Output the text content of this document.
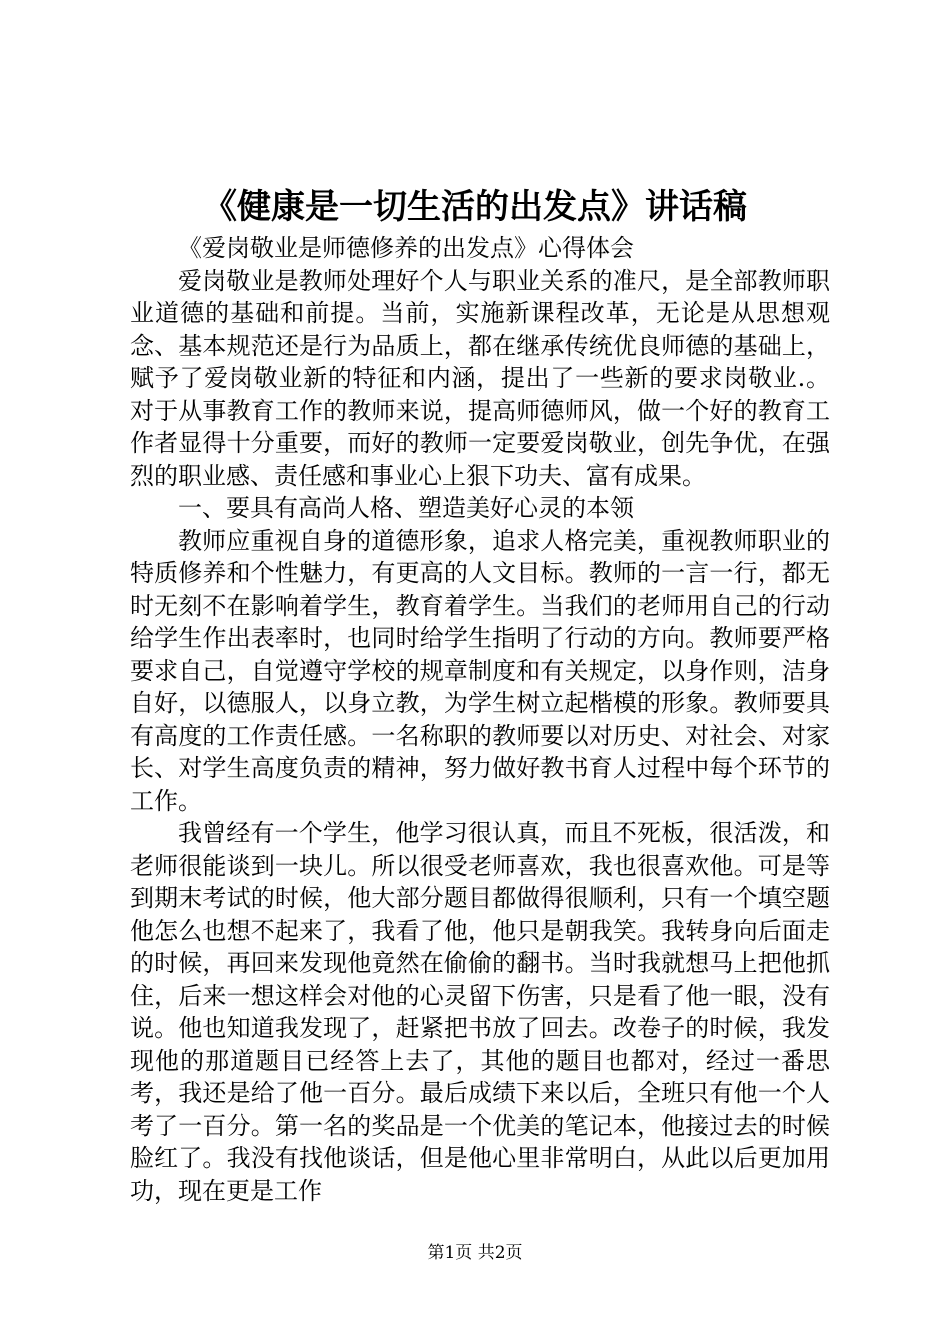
《健康是一切生活的出发点》讲话稿

《爱岗敬业是师德修养的出发点》心得体会

爱岗敬业是教师处理好个人与职业关系的准尺，是全部教师职业道德的基础和前提。当前，实施新课程改革，无论是从思想观念、基本规范还是行为品质上，都在继承传统优良师德的基础上，赋予了爱岗敬业新的特征和内涵，提出了一些新的要求岗敬业.。对于从事教育工作的教师来说，提高师德师风，做一个好的教育工作者显得十分重要，而好的教师一定要爱岗敬业，创先争优，在强烈的职业感、责任感和事业心上狠下功夫、富有成果。

一、要具有高尚人格、塑造美好心灵的本领

教师应重视自身的道德形象，追求人格完美，重视教师职业的特质修养和个性魅力，有更高的人文目标。教师的一言一行，都无时无刻不在影响着学生，教育着学生。当我们的老师用自己的行动给学生作出表率时，也同时给学生指明了行动的方向。教师要严格要求自己，自觉遵守学校的规章制度和有关规定，以身作则，洁身自好，以德服人，以身立教，为学生树立起楷模的形象。教师要具有高度的工作责任感。一名称职的教师要以对历史、对社会、对家长、对学生高度负责的精神，努力做好教书育人过程中每个环节的工作。

我曾经有一个学生，他学习很认真，而且不死板，很活泼，和老师很能谈到一块儿。所以很受老师喜欢，我也很喜欢他。可是等到期末考试的时候，他大部分题目都做得很顺利，只有一个填空题他怎么也想不起来了，我看了他，他只是朝我笑。我转身向后面走的时候，再回来发现他竟然在偷偷的翻书。当时我就想马上把他抓住，后来一想这样会对他的心灵留下伤害，只是看了他一眼，没有说。他也知道我发现了，赶紧把书放了回去。改卷子的时候，我发现他的那道题目已经答上去了，其他的题目也都对，经过一番思考，我还是给了他一百分。最后成绩下来以后，全班只有他一个人考了一百分。第一名的奖品是一个优美的笔记本，他接过去的时候脸红了。我没有找他谈话，但是他心里非常明白，从此以后更加用功，现在更是工作

第1页 共2页
